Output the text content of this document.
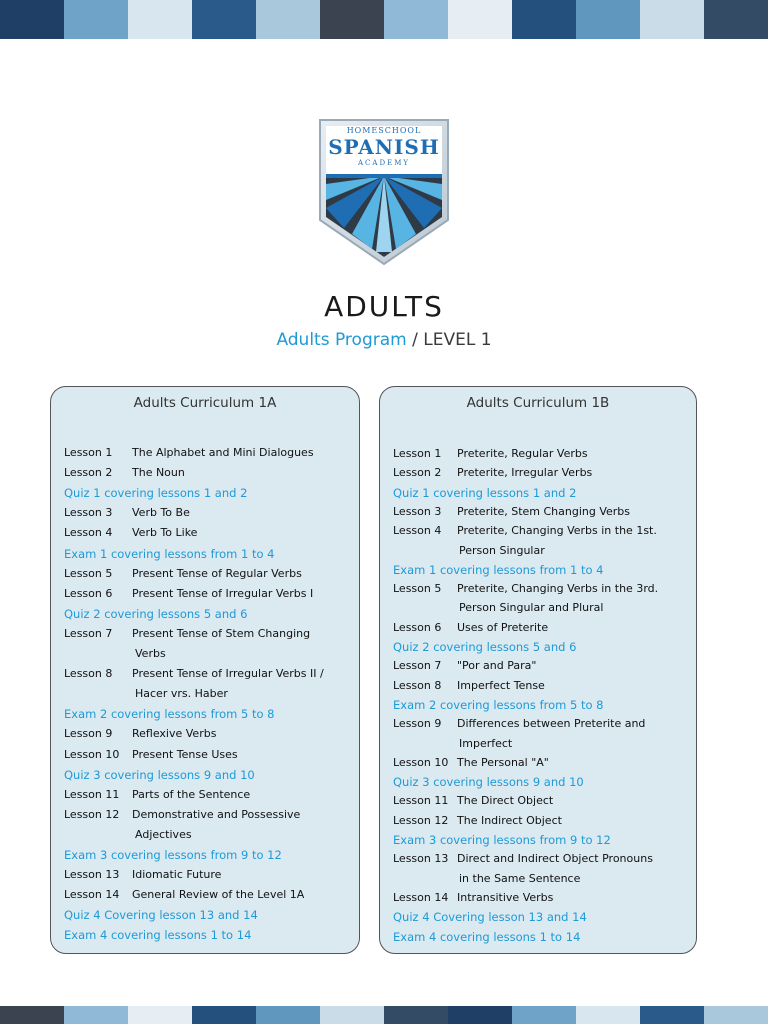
HOMESCHOOL
SPANISH
ACADEMY
ADULTS
Adults Program / LEVEL 1
Adults Curriculum 1A
Lesson 1 The Alphabet and Mini Dialogues
Lesson 2 The Noun
Quiz 1 covering lessons 1 and 2
Lesson 3 Verb To Be
Lesson 4 Verb To Like
Exam 1 covering lessons from 1 to 4
Lesson 5 Present Tense of Regular Verbs
Lesson 6 Present Tense of Irregular Verbs I
Quiz 2 covering lessons 5 and 6
Lesson 7 Present Tense of Stem Changing
Verbs
Lesson 8 Present Tense of Irregular Verbs II /
Hacer vrs. Haber
Exam 2 covering lessons from 5 to 8
Lesson 9 Reflexive Verbs
Lesson 10 Present Tense Uses
Quiz 3 covering lessons 9 and 10
Lesson 11 Parts of the Sentence
Lesson 12 Demonstrative and Possessive
Adjectives
Exam 3 covering lessons from 9 to 12
Lesson 13 Idiomatic Future
Lesson 14 General Review of the Level 1A
Quiz 4 Covering lesson 13 and 14
Exam 4 covering lessons 1 to 14
Adults Curriculum 1B
Lesson 1 Preterite, Regular Verbs
Lesson 2 Preterite, Irregular Verbs
Quiz 1 covering lessons 1 and 2
Lesson 3 Preterite, Stem Changing Verbs
Lesson 4 Preterite, Changing Verbs in the 1st.
Person Singular
Exam 1 covering lessons from 1 to 4
Lesson 5 Preterite, Changing Verbs in the 3rd.
Person Singular and Plural
Lesson 6 Uses of Preterite
Quiz 2 covering lessons 5 and 6
Lesson 7 "Por and Para"
Lesson 8 Imperfect Tense
Exam 2 covering lessons from 5 to 8
Lesson 9 Differences between Preterite and
Imperfect
Lesson 10 The Personal "A"
Quiz 3 covering lessons 9 and 10
Lesson 11 The Direct Object
Lesson 12 The Indirect Object
Exam 3 covering lessons from 9 to 12
Lesson 13 Direct and Indirect Object Pronouns
in the Same Sentence
Lesson 14 Intransitive Verbs
Quiz 4 Covering lesson 13 and 14
Exam 4 covering lessons 1 to 14
